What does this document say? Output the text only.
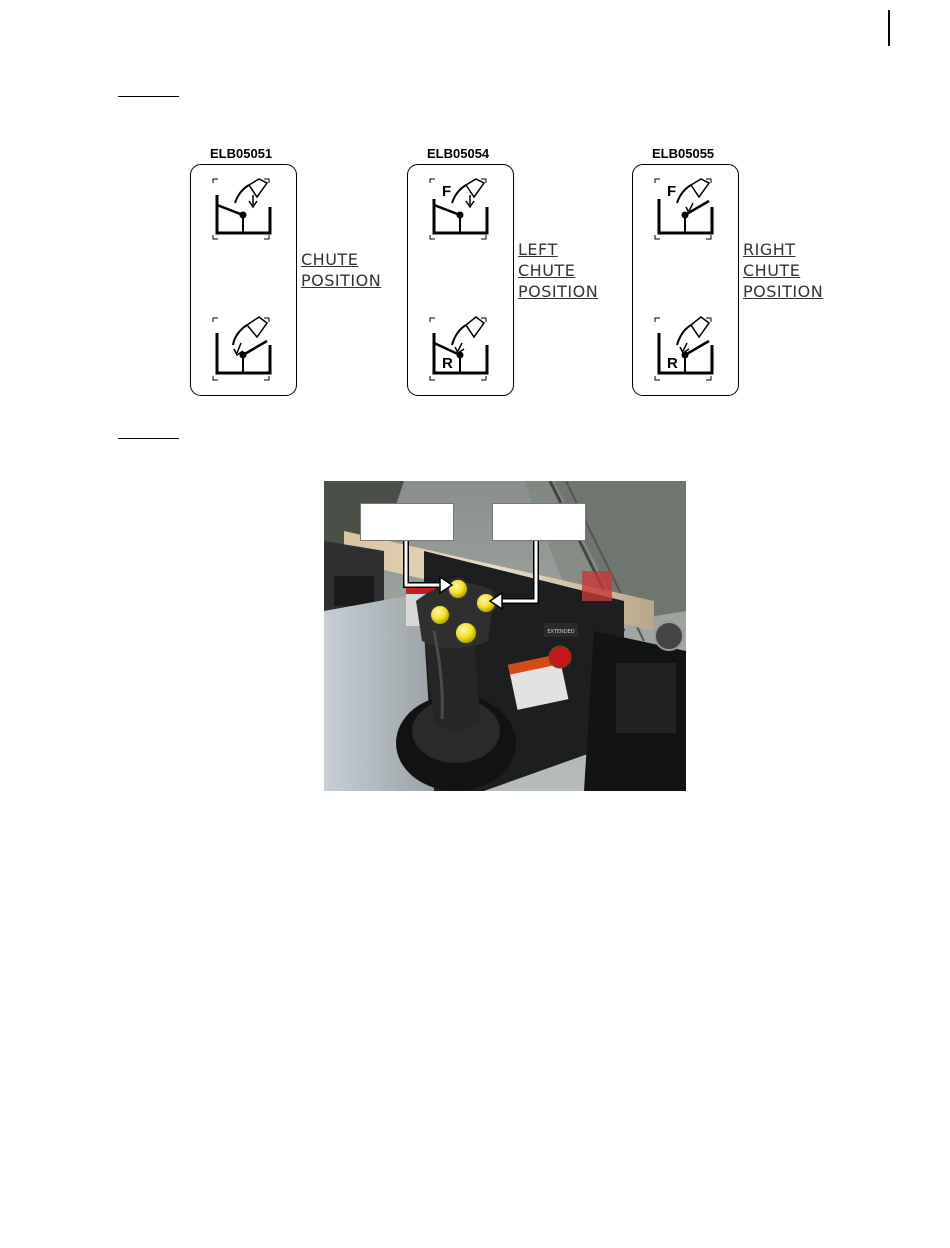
ELB05051
CHUTE
POSITION
ELB05054
F
R
LEFT
CHUTE
POSITION
ELB05055
F
R
RIGHT
CHUTE
POSITION
EXTENDED
